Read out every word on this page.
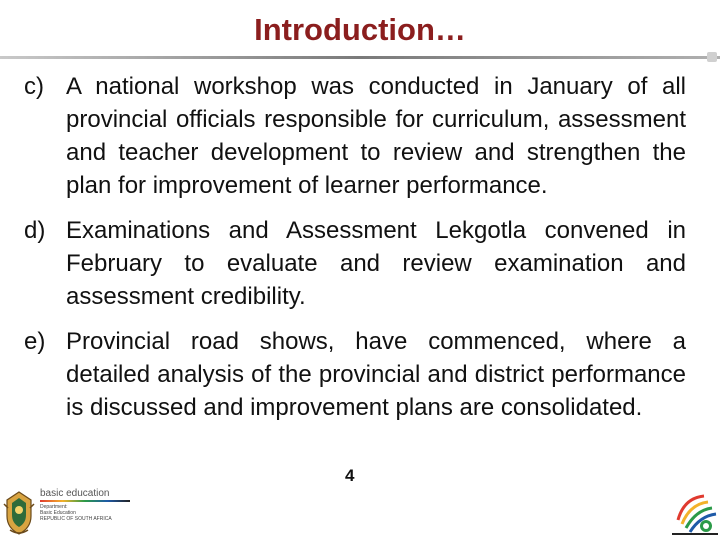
Introduction…
c) A national workshop was conducted in January of all provincial officials responsible for curriculum, assessment and teacher development to review and strengthen the plan for improvement of learner performance.
d) Examinations and Assessment Lekgotla convened in February to evaluate and review examination and assessment credibility.
e) Provincial road shows, have commenced, where a detailed analysis of the provincial and district performance is discussed and improvement plans are consolidated.
4
basic education
Department:
Basic Education
REPUBLIC OF SOUTH AFRICA
